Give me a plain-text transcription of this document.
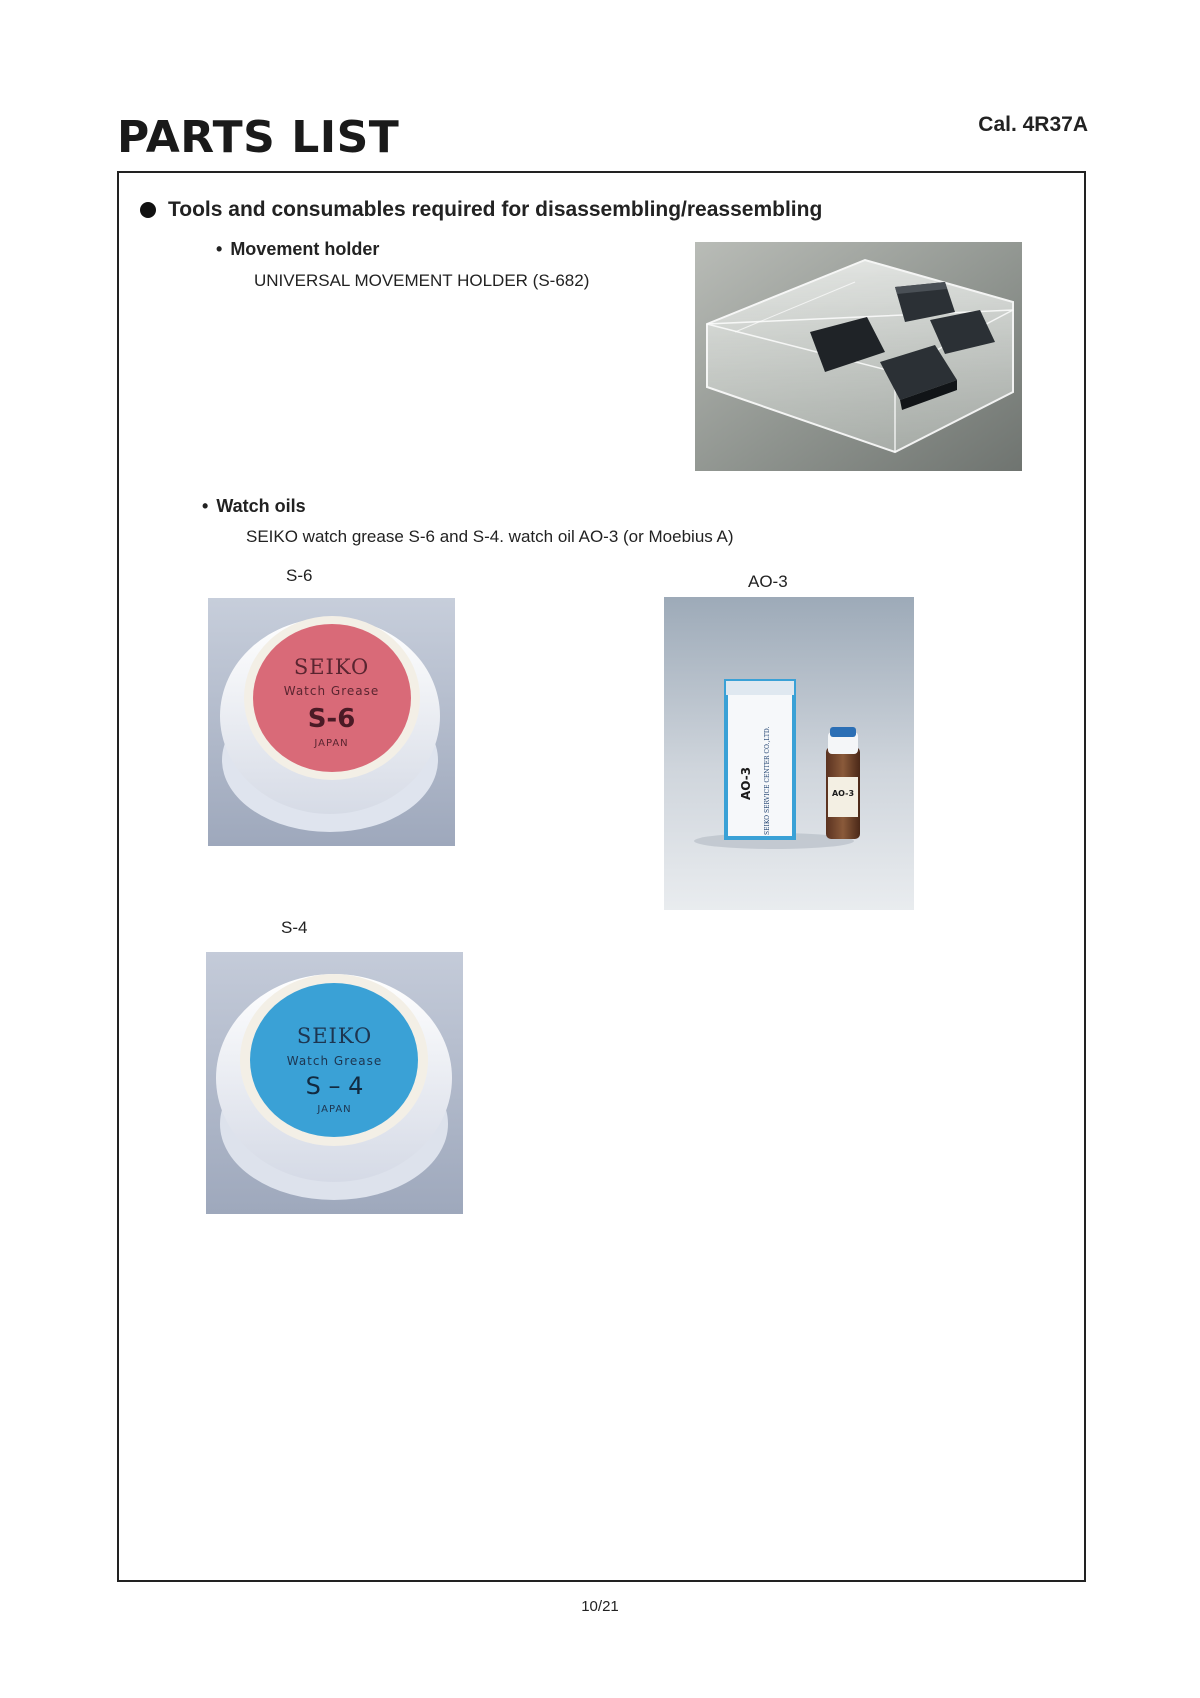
PARTS LIST	Cal. 4R37A
Tools and consumables required for disassembling/reassembling
• Movement holder
UNIVERSAL MOVEMENT HOLDER (S-682)
• Watch oils
SEIKO watch grease S-6 and S-4. watch oil AO-3 (or Moebius A)
S-6	AO-3
S-4
SEIKO
Watch Grease
S-6
JAPAN
AO-3	SEIKO SERVICE CENTER CO.,LTD.	AO-3
SEIKO
Watch Grease
S – 4
JAPAN
10/21
